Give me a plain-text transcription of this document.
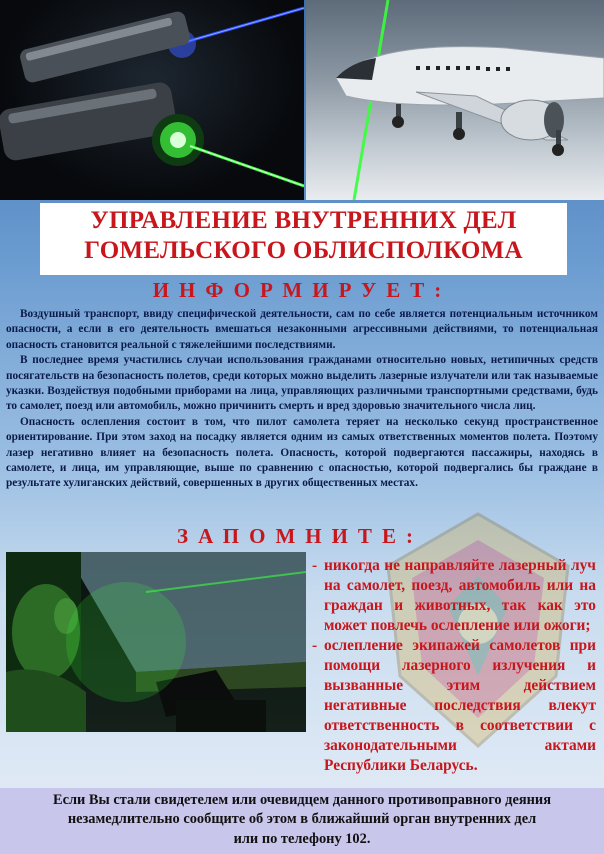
УПРАВЛЕНИЕ ВНУТРЕННИХ ДЕЛ
ГОМЕЛЬСКОГО ОБЛИСПОЛКОМА
ИНФОРМИРУЕТ:

Воздушный транспорт, ввиду специфической деятельности, сам по себе является потенциальным источником опасности, а если в его деятельность вмешаться незаконными агрессивными действиями, то потенциальная опасность становится реальной с тяжелейшими последствиями.

В последнее время участились случаи использования гражданами относительно новых, нетипичных средств посягательств на безопасность полетов, среди которых можно выделить лазерные излучатели или так называемые указки. Воздействуя подобными приборами на лица, управляющих различными транспортными средствами, будь то самолет, поезд или автомобиль, можно причинить смерть и вред здоровью значительного числа лиц.

Опасность ослепления состоит в том, что пилот самолета теряет на несколько секунд пространственное ориентирование. При этом заход на посадку является одним из самых ответственных моментов полета. Поэтому лазер негативно влияет на безопасность полета. Опасность, которой подвергаются пассажиры, находясь в самолете, и лица, им управляющие, выше по сравнению с опасностью, которой подвергались бы граждане в результате хулиганских действий, совершенных в других общественных местах.

ЗАПОМНИТЕ:
- никогда не направляйте лазерный луч на самолет, поезд, автомобиль или на граждан и животных, так как это может повлечь ослепление или ожоги;
- ослепление экипажей самолетов при помощи лазерного излучения и вызванные этим действием негативные последствия влекут ответственность в соответствии с законодательными актами Республики Беларусь.
Если Вы стали свидетелем или очевидцем данного противоправного деяния
незамедлительно сообщите об этом в ближайший орган внутренних дел
или по телефону 102.
